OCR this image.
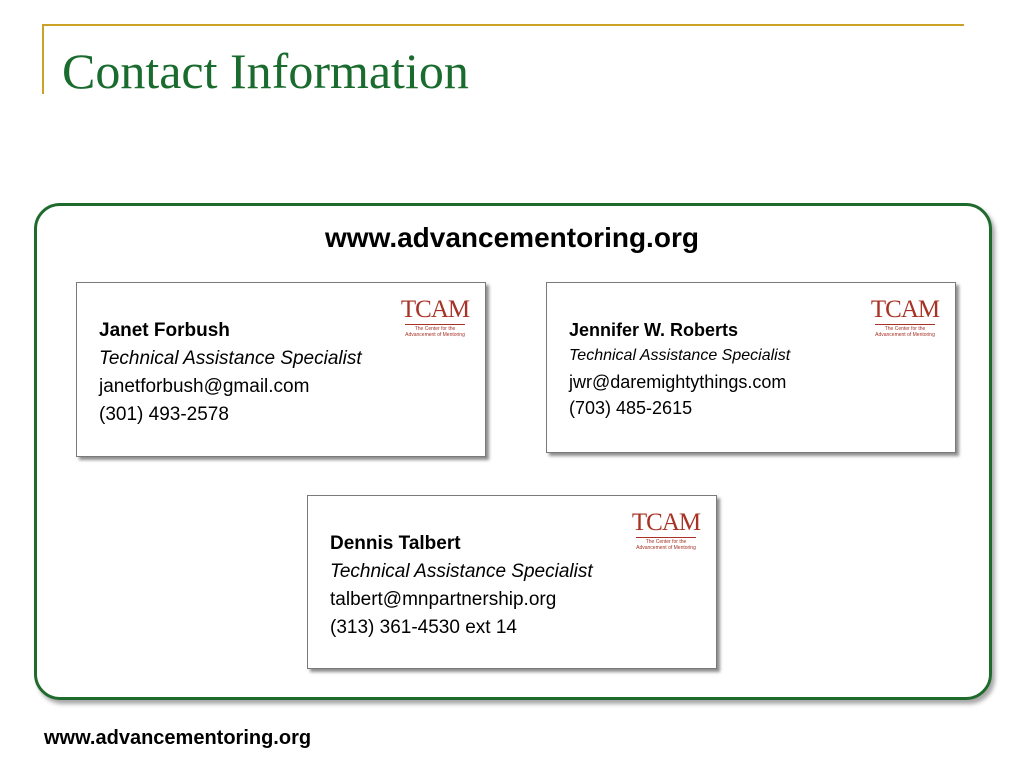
Contact Information
www.advancementoring.org
TCAM
The Center for the
Advancement of Mentoring
Janet Forbush
Technical Assistance Specialist
janetforbush@gmail.com
(301) 493-2578
TCAM
The Center for the
Advancement of Mentoring
Jennifer W. Roberts
Technical Assistance Specialist
jwr@daremightythings.com
(703) 485-2615
TCAM
The Center for the
Advancement of Mentoring
Dennis Talbert
Technical Assistance Specialist
talbert@mnpartnership.org
(313) 361-4530 ext 14
www.advancementoring.org
